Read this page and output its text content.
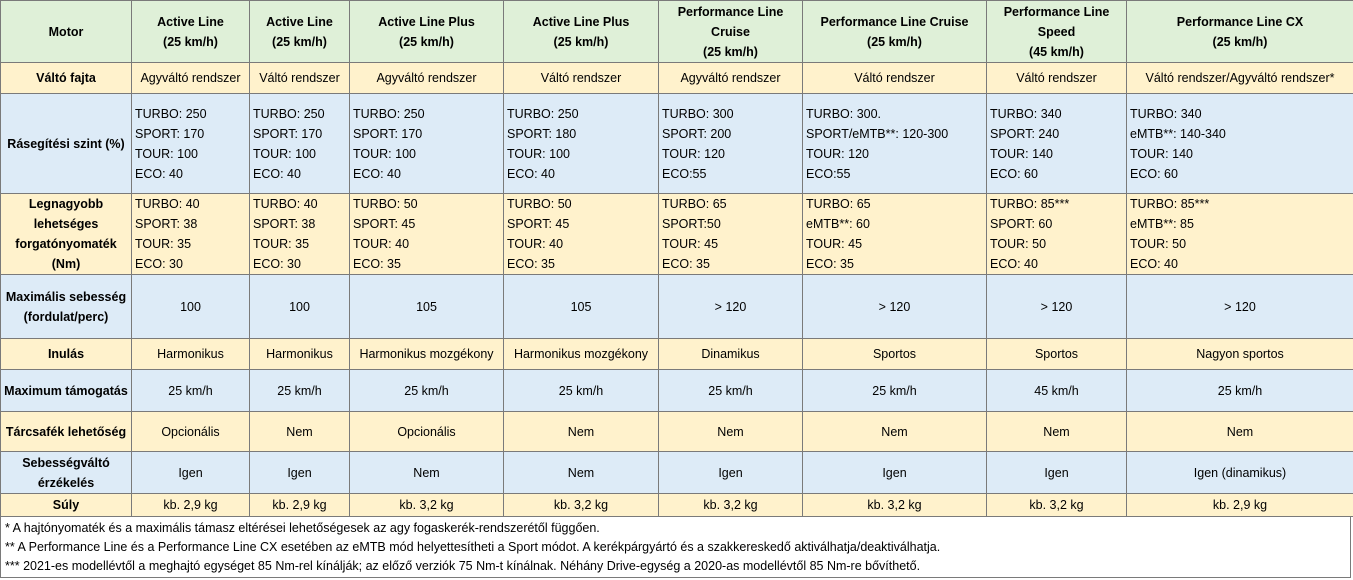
Motor	Active Line
(25 km/h)	Active Line
(25 km/h)	Active Line Plus
(25 km/h)	Active Line Plus
(25 km/h)	Performance Line
Cruise
(25 km/h)	Performance Line Cruise
(25 km/h)	Performance Line
Speed
(45 km/h)	Performance Line CX
(25 km/h)

Váltó fajta	Agyváltó rendszer	Váltó rendszer	Agyváltó rendszer	Váltó rendszer	Agyváltó rendszer	Váltó rendszer	Váltó rendszer	Váltó rendszer/Agyváltó rendszer*
Rásegítési szint (%)	TURBO: 250
SPORT: 170
TOUR: 100
ECO: 40	TURBO: 250
SPORT: 170
TOUR: 100
ECO: 40	TURBO: 250
SPORT: 170
TOUR: 100
ECO: 40	TURBO: 250
SPORT: 180
TOUR: 100
ECO: 40	TURBO: 300
SPORT: 200
TOUR: 120
ECO:55	TURBO: 300.
SPORT/eMTB**: 120-300
TOUR: 120
ECO:55	TURBO: 340
SPORT: 240
TOUR: 140
ECO: 60	TURBO: 340
eMTB**: 140-340
TOUR: 140
ECO: 60

Legnagyobb lehetséges forgatónyomaték (Nm)	TURBO: 40
SPORT: 38
TOUR: 35
ECO: 30	TURBO: 40
SPORT: 38
TOUR: 35
ECO: 30	TURBO: 50
SPORT: 45
TOUR: 40
ECO: 35	TURBO: 50
SPORT: 45
TOUR: 40
ECO: 35	TURBO: 65
SPORT:50
TOUR: 45
ECO: 35	TURBO: 65
eMTB**: 60
TOUR: 45
ECO: 35	TURBO: 85***
SPORT: 60
TOUR: 50
ECO: 40	TURBO: 85***
eMTB**: 85
TOUR: 50
ECO: 40

Maximális sebesség (fordulat/perc)	100	100	105	105	> 120	> 120	> 120	> 120
Inulás	Harmonikus	Harmonikus	Harmonikus mozgékony	Harmonikus mozgékony	Dinamikus	Sportos	Sportos	Nagyon sportos
Maximum támogatás	25 km/h	25 km/h	25 km/h	25 km/h	25 km/h	25 km/h	45 km/h	25 km/h
Tárcsafék lehetőség	Opcionális	Nem	Opcionális	Nem	Nem	Nem	Nem	Nem
Sebességváltó érzékelés	Igen	Igen	Nem	Nem	Igen	Igen	Igen	Igen (dinamikus)
Súly	kb. 2,9 kg	kb. 2,9 kg	kb. 3,2 kg	kb. 3,2 kg	kb. 3,2 kg	kb. 3,2 kg	kb. 3,2 kg	kb. 2,9 kg
* A hajtónyomaték és a maximális támasz eltérései lehetőségesek az agy fogaskerék-rendszerétől függően.
** A Performance Line és a Performance Line CX esetében az eMTB mód helyettesítheti a Sport módot. A kerékpárgyártó és a szakkereskedő aktiválhatja/deaktiválhatja.
*** 2021-es modellévtől a meghajtó egységet 85 Nm-rel kínálják; az előző verziók 75 Nm-t kínálnak. Néhány Drive-egység a 2020-as modellévtől 85 Nm-re bővíthető.
